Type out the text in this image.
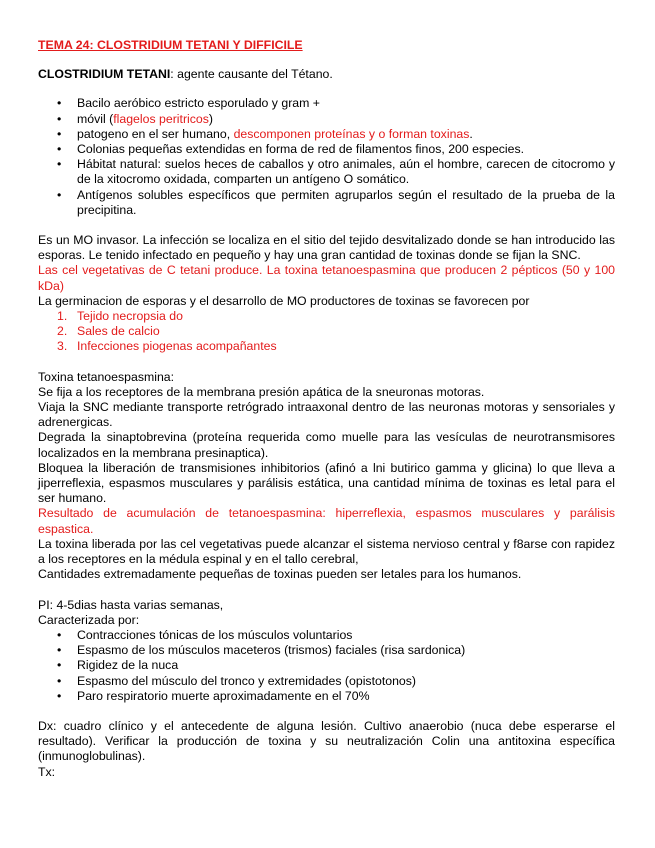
TEMA 24: CLOSTRIDIUM TETANI Y DIFFICILE
CLOSTRIDIUM TETANI: agente causante del Tétano.
• Bacilo aeróbico estricto esporulado y gram +
• móvil (flagelos peritricos)
• patogeno en el ser humano, descomponen proteínas y o forman toxinas.
• Colonias pequeñas extendidas en forma de red de filamentos finos, 200 especies.
• Hábitat natural: suelos heces de caballos y otro animales, aún el hombre, carecen de citocromo y de la xitocromo oxidada, comparten un antígeno O somático.
• Antígenos solubles específicos que permiten agruparlos según el resultado de la prueba de la precipitina.

Es un MO invasor. La infección se localiza en el sitio del tejido desvitalizado donde se han introducido las esporas. Le tenido infectado en pequeño y hay una gran cantidad de toxinas donde se fijan la SNC.

Las cel vegetativas de C tetani produce. La toxina tetanoespasmina que producen 2 pépticos (50 y 100 kDa)

La germinacion de esporas y el desarrollo de MO productores de toxinas se favorecen por

1. Tejido necropsia do
2. Sales de calcio
3. Infecciones piogenas acompañantes

Toxina tetanoespasmina:

Se fija a los receptores de la membrana presión apática de la sneuronas motoras.

Viaja la SNC mediante transporte retrógrado intraaxonal dentro de las neuronas motoras y sensoriales y adrenergicas.

Degrada la sinaptobrevina (proteína requerida como muelle para las vesículas de neurotransmisores localizados en la membrana presinaptica).

Bloquea la liberación de transmisiones inhibitorios (afinó a lni butirico gamma y glicina) lo que lleva a jiperreflexia, espasmos musculares y parálisis estática, una cantidad mínima de toxinas es letal para el ser humano.

Resultado de acumulación de tetanoespasmina: hiperreflexia, espasmos musculares y parálisis espastica.

La toxina liberada por las cel vegetativas puede alcanzar el sistema nervioso central y f8arse con rapidez a los receptores en la médula espinal y en el tallo cerebral,

Cantidades extremadamente pequeñas de toxinas pueden ser letales para los humanos.

PI: 4-5dias hasta varias semanas,

Caracterizada por:

• Contracciones tónicas de los músculos voluntarios
• Espasmo de los músculos maceteros (trismos) faciales (risa sardonica)
• Rigidez de la nuca
• Espasmo del músculo del tronco y extremidades (opistotonos)
• Paro respiratorio muerte aproximadamente en el 70%

Dx: cuadro clínico y el antecedente de alguna lesión. Cultivo anaerobio (nuca debe esperarse el resultado). Verificar la producción de toxina y su neutralización Colin una antitoxina específica (inmunoglobulinas).

Tx:
